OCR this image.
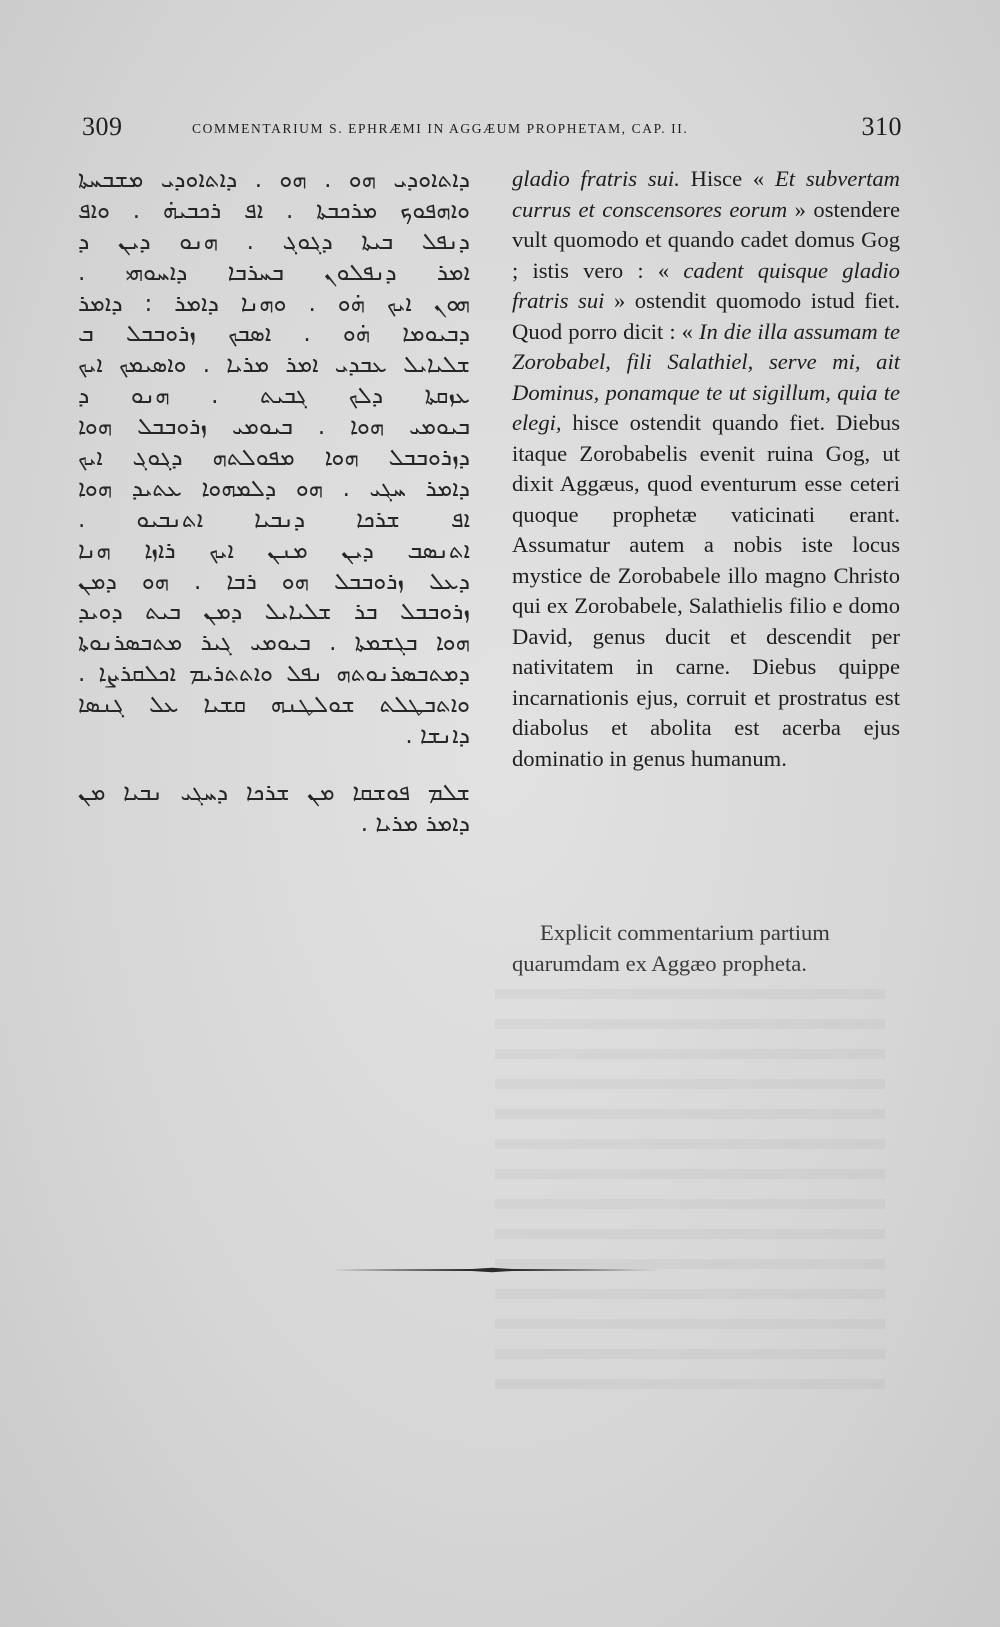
309	COMMENTARIUM S. EPHRÆMI IN AGGÆUM PROPHETAM, CAP. II.	310
ܕܐܬܐܘܕܝ ܗܘ . ܗܘ . ܕܐܬܐܘܕܝ ܡܫܒܚܬܐ
ܘܐܗܦܘܟ ܡܪܟܒܬܐ . ܐܦ ܪܟܒܝܗ̇ . ܘܐܦ
ܕܢܦܠ ܒܝܬܐ ܕܓܘܓ . ܗܢܘ ܕܝܢ ܕ
ܐܡܪ ܕܢܦܠܘܢ ܒܚܪܒܐ ܕܐܚܘܗܝ .
ܗܘܢ ܐܝܟ ܗ̇ܘ . ܘܗܢܐ ܕܐܡܪ : ܕܐܡܪ
ܕܒܝܘܡܐ ܗ̇ܘ . ܐܣܒܟ ܙܪܘܒܒܠ ܒ
ܫܠܝܐܝܠ ܥܒܕܝ ܐܡܪ ܡܪܝܐ . ܘܐܣܝܡܟ ܐܝܟ
ܥܙܩܬܐ ܕܠܟ ܓܒܝܬ . ܗܢܘ ܕ
ܒܝܘܡܝ ܗܘܐ . ܒܝܘܡܝ ܙܪܘܒܒܠ ܗܘܐ
ܕܙܪܘܒܒܠ ܗܘܐ ܡܦܘܠܬܗ ܕܓܘܓ ܐܝܟ
ܕܐܡܪ ܚܓܝ . ܗܘ ܕܠܡܗܘܐ ܥܬܝܕ ܗܘܐ
ܐܦ ܫܪܟܐ ܕܢܒܝܐ ܐܬܢܒܝܘ .
ܐܬܢܣܒ ܕܝܢ ܡܢܢ ܐܝܟ ܪܐܙܐ ܗܢܐ
ܕܥܠ ܙܪܘܒܒܠ ܗܘ ܪܒܐ . ܗܘ ܕܡܢ
ܙܪܘܒܒܠ ܒܪ ܫܠܝܐܝܠ ܕܡܢ ܒܝܬ ܕܘܝܕ
ܗܘܐ ܒܓܫܡܬܐ . ܒܝܘܡܝ ܓܝܪ ܡܬܒܣܪܢܘܬܐ
ܕܡܬܒܣܪܢܘܬܗ ܢܦܠ ܘܐܬܬܪܝܡ ܐܟܠܩܪܨܐ .
ܘܐܬܒܛܠܬ ܫܘܠܛܢܗ ܩܫܝܐ ܥܠ ܓܢܣܐ
ܕܐܢܫܐ .
ܫܠܡ ܦܘܫܩܐ ܡܢ ܫܪܟܐ ܕܚܓܝ ܢܒܝܐ ܡܢ
ܕܐܡܪ ܡܪܝܐ .

gladio fratris sui. Hisce « Et subvertam currus et conscensores eorum » ostendere vult quomodo et quando cadet domus Gog ; istis vero : « cadent quisque gladio fratris sui » ostendit quomodo istud fiet. Quod porro dicit : « In die illa assumam te Zorobabel, fili Salathiel, serve mi, ait Dominus, ponamque te ut sigillum, quia te elegi, hisce ostendit quando fiet. Diebus itaque Zorobabelis evenit ruina Gog, ut dixit Aggæus, quod eventurum esse ceteri quoque prophetæ vaticinati erant. Assumatur autem a nobis iste locus mystice de Zorobabele illo magno Christo qui ex Zorobabele, Salathielis filio e domo David, genus ducit et descendit per nativitatem in carne. Diebus quippe incarnationis ejus, corruit et prostratus est diabolus et abolita est acerba ejus dominatio in genus humanum.

Explicit commentarium partium quarumdam ex Aggæo propheta.
